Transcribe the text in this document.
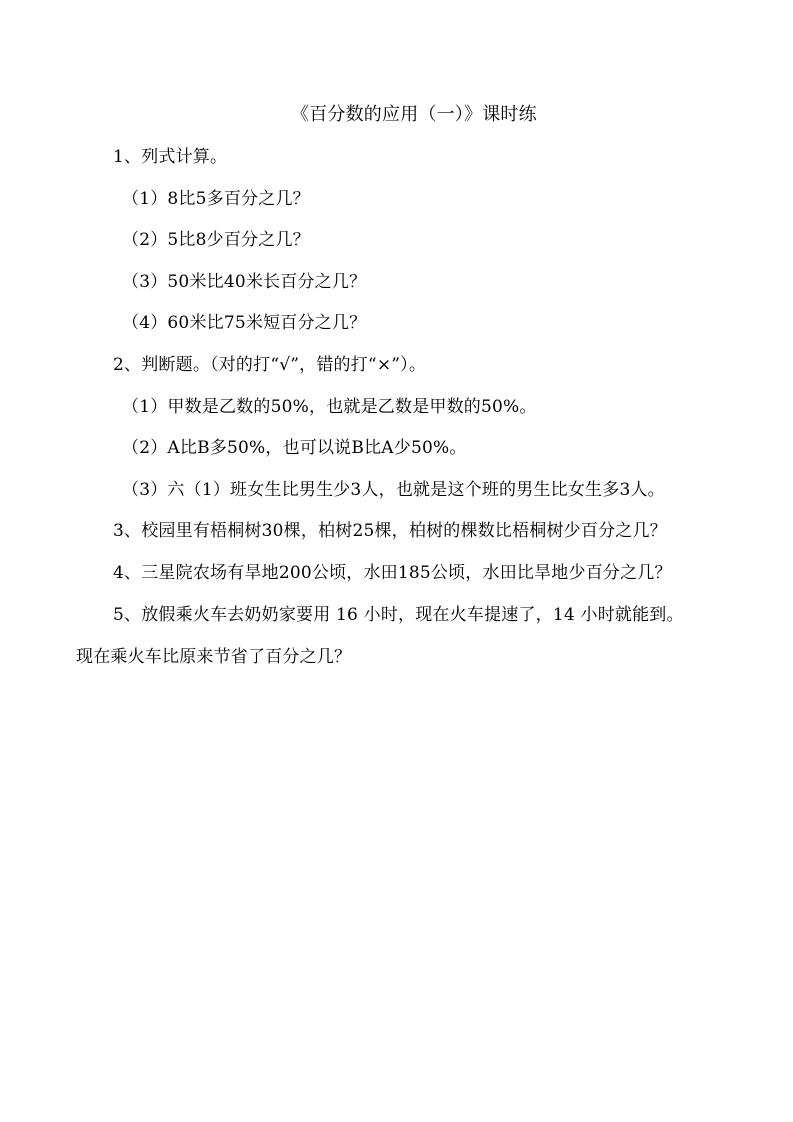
《百分数的应用（一）》课时练
1、列式计算。
（1）8比5多百分之几？
（2）5比8少百分之几？
（3）50米比40米长百分之几？
（4）60米比75米短百分之几？
2、判断题。（对的打“√”，错的打“×”）。
（1）甲数是乙数的50%，也就是乙数是甲数的50%。
（2）A比B多50%，也可以说B比A少50%。
（3）六（1）班女生比男生少3人，也就是这个班的男生比女生多3人。
3、校园里有梧桐树30棵，柏树25棵，柏树的棵数比梧桐树少百分之几？
4、三星院农场有旱地200公顷，水田185公顷，水田比旱地少百分之几？
5、放假乘火车去奶奶家要用 16 小时，现在火车提速了，14 小时就能到。
现在乘火车比原来节省了百分之几？
